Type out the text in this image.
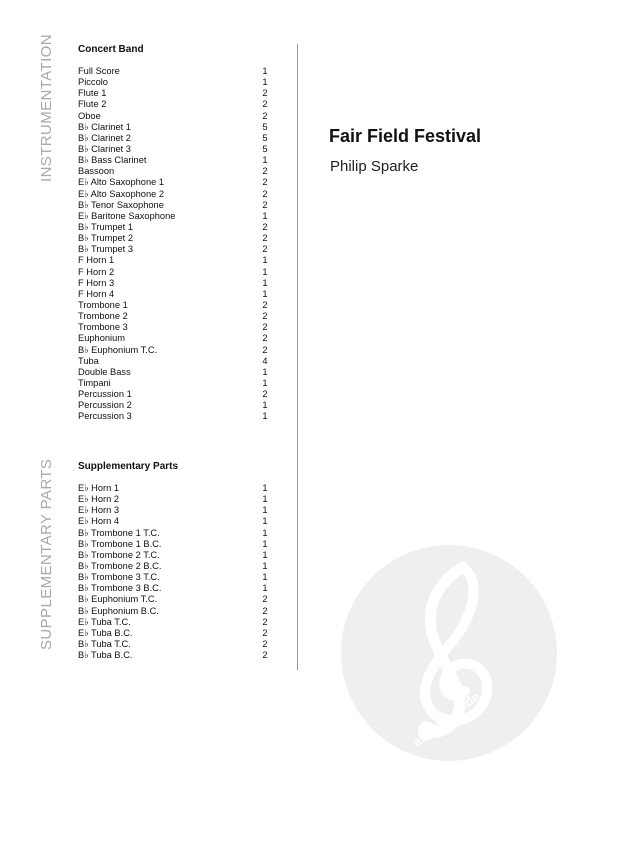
INSTRUMENTATION
SUPPLEMENTARY PARTS
Concert Band
Full Score	1
Piccolo	1
Flute 1	2
Flute 2	2
Oboe	2
B♭ Clarinet 1	5
B♭ Clarinet 2	5
B♭ Clarinet 3	5
B♭ Bass Clarinet	1
Bassoon	2
E♭ Alto Saxophone 1	2
E♭ Alto Saxophone 2	2
B♭ Tenor Saxophone	2
E♭ Baritone Saxophone	1
B♭ Trumpet 1	2
B♭ Trumpet 2	2
B♭ Trumpet 3	2
F Horn 1	1
F Horn 2	1
F Horn 3	1
F Horn 4	1
Trombone 1	2
Trombone 2	2
Trombone 3	2
Euphonium	2
B♭ Euphonium T.C.	2
Tuba	4
Double Bass	1
Timpani	1
Percussion 1	2
Percussion 2	1
Percussion 3	1
Supplementary Parts
E♭ Horn 1	1
E♭ Horn 2	1
E♭ Horn 3	1
E♭ Horn 4	1
B♭ Trombone 1 T.C.	1
B♭ Trombone 1 B.C.	1
B♭ Trombone 2 T.C.	1
B♭ Trombone 2 B.C.	1
B♭ Trombone 3 T.C.	1
B♭ Trombone 3 B.C.	1
B♭ Euphonium T.C.	2
B♭ Euphonium B.C.	2
E♭ Tuba T.C.	2
E♭ Tuba B.C.	2
B♭ Tuba T.C.	2
B♭ Tuba B.C.	2
Fair Field Festival
Philip Sparke
alle-noten.de
